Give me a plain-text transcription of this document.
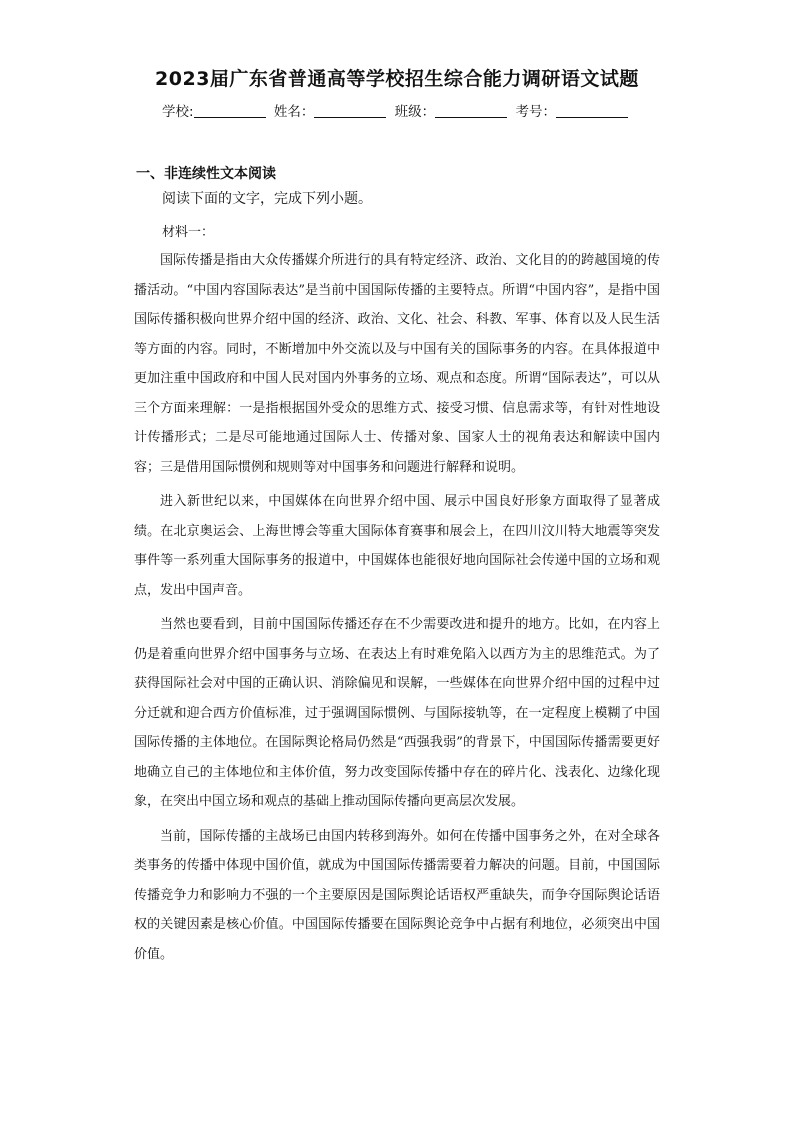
2023届广东省普通高等学校招生综合能力调研语文试题
学校:	姓名：	班级：	考号：
一、非连续性文本阅读
阅读下面的文字，完成下列小题。
材料一：

国际传播是指由大众传播媒介所进行的具有特定经济、政治、文化目的的跨越国境的传播活动。“中国内容国际表达”是当前中国国际传播的主要特点。所谓“中国内容”，是指中国国际传播积极向世界介绍中国的经济、政治、文化、社会、科教、军事、体育以及人民生活等方面的内容。同时，不断增加中外交流以及与中国有关的国际事务的内容。在具体报道中更加注重中国政府和中国人民对国内外事务的立场、观点和态度。所谓“国际表达”，可以从三个方面来理解：一是指根据国外受众的思维方式、接受习惯、信息需求等，有针对性地设计传播形式；二是尽可能地通过国际人士、传播对象、国家人士的视角表达和解读中国内容；三是借用国际惯例和规则等对中国事务和问题进行解释和说明。

进入新世纪以来，中国媒体在向世界介绍中国、展示中国良好形象方面取得了显著成绩。在北京奥运会、上海世博会等重大国际体育赛事和展会上，在四川汶川特大地震等突发事件等一系列重大国际事务的报道中，中国媒体也能很好地向国际社会传递中国的立场和观点，发出中国声音。

当然也要看到，目前中国国际传播还存在不少需要改进和提升的地方。比如，在内容上仍是着重向世界介绍中国事务与立场、在表达上有时难免陷入以西方为主的思维范式。为了获得国际社会对中国的正确认识、消除偏见和误解，一些媒体在向世界介绍中国的过程中过分迁就和迎合西方价值标准，过于强调国际惯例、与国际接轨等，在一定程度上模糊了中国国际传播的主体地位。在国际舆论格局仍然是“西强我弱”的背景下，中国国际传播需要更好地确立自己的主体地位和主体价值，努力改变国际传播中存在的碎片化、浅表化、边缘化现象，在突出中国立场和观点的基础上推动国际传播向更高层次发展。

当前，国际传播的主战场已由国内转移到海外。如何在传播中国事务之外，在对全球各类事务的传播中体现中国价值，就成为中国国际传播需要着力解决的问题。目前，中国国际传播竞争力和影响力不强的一个主要原因是国际舆论话语权严重缺失，而争夺国际舆论话语权的关键因素是核心价值。中国国际传播要在国际舆论竞争中占据有利地位，必须突出中国价值。
